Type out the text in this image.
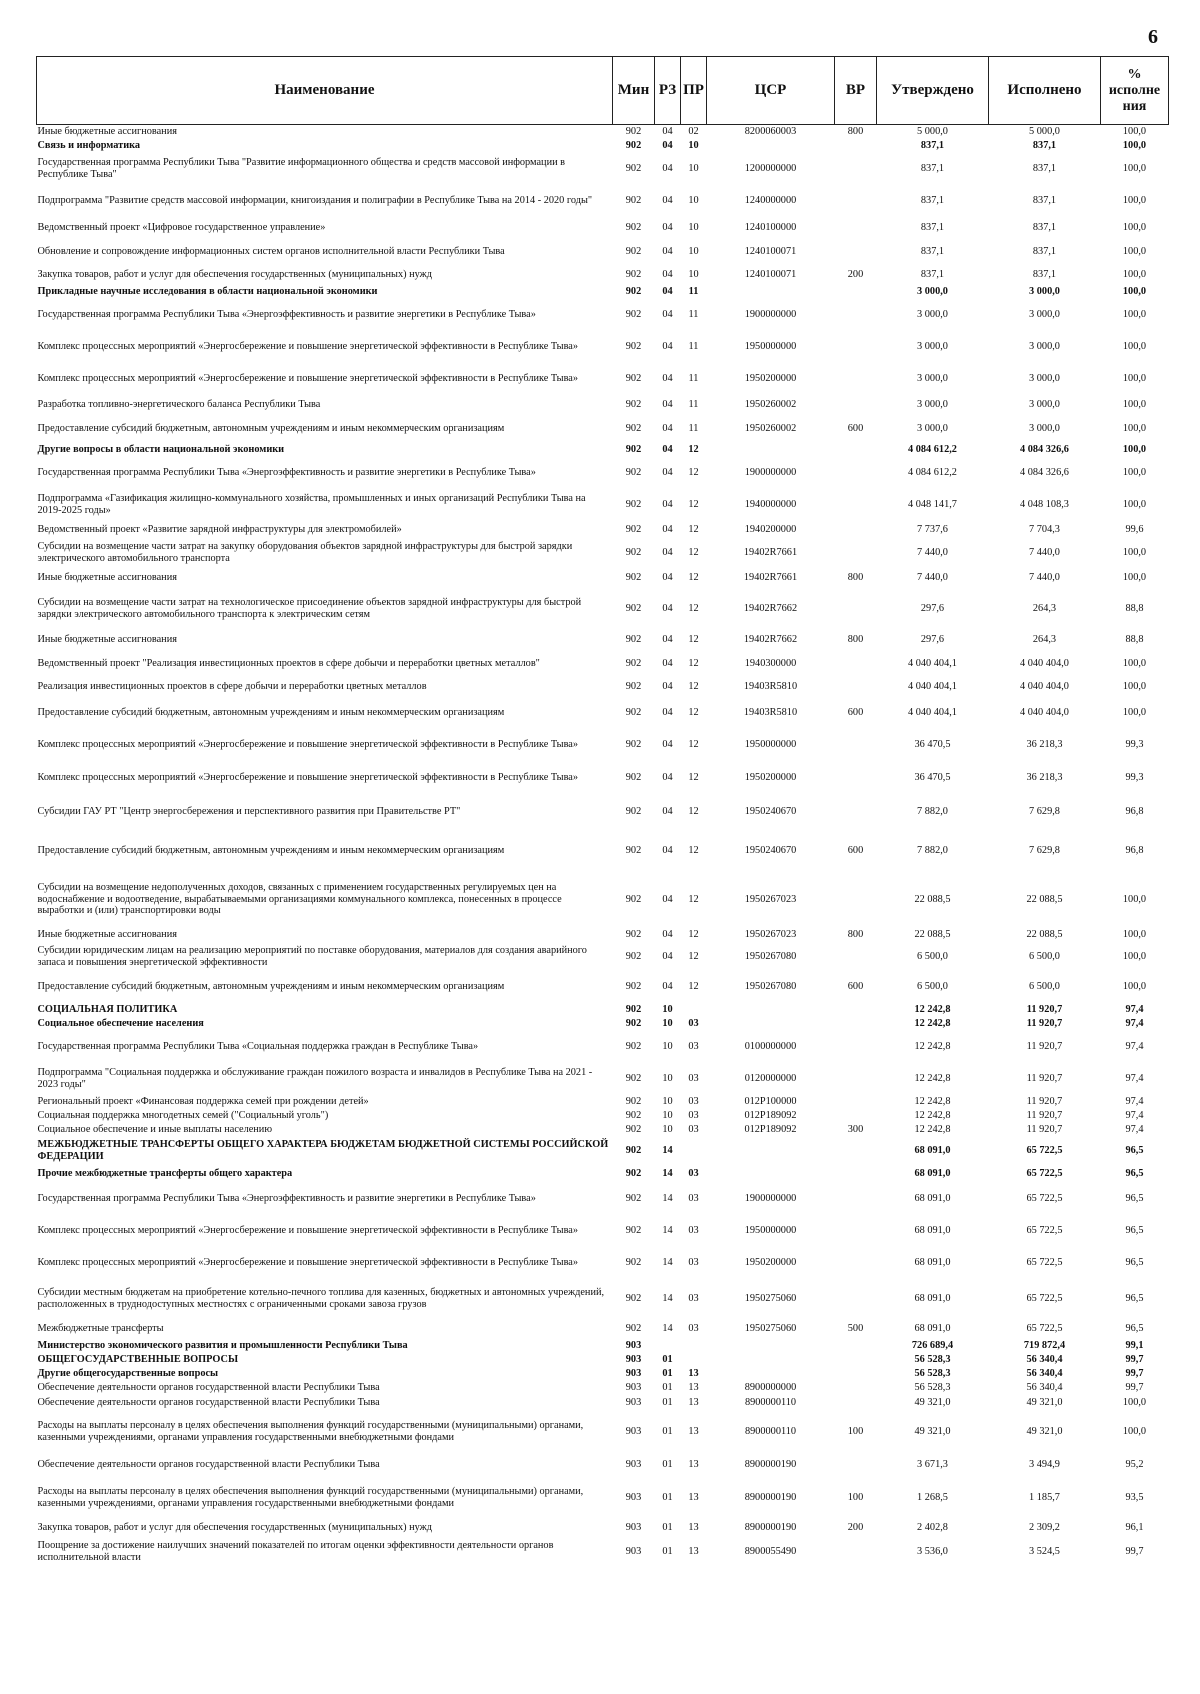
6
Наименование	Мин	РЗ	ПР	ЦСР	ВР	Утверждено	Исполнено	% исполне ния
Иные бюджетные ассигнования	902	04	02	8200060003	800	5 000,0	5 000,0	100,0
Связь и информатика	902	04	10			837,1	837,1	100,0
Государственная программа Республики Тыва "Развитие информационного общества и средств массовой информации в Республике Тыва"	902	04	10	1200000000		837,1	837,1	100,0
Подпрограмма "Развитие средств массовой информации, книгоиздания и полиграфии в Республике Тыва на 2014 - 2020 годы"	902	04	10	1240000000		837,1	837,1	100,0
Ведомственный проект «Цифровое государственное управление»	902	04	10	1240100000		837,1	837,1	100,0
Обновление и сопровождение информационных систем органов исполнительной власти Республики Тыва	902	04	10	1240100071		837,1	837,1	100,0
Закупка товаров, работ и услуг для обеспечения государственных (муниципальных) нужд	902	04	10	1240100071	200	837,1	837,1	100,0
Прикладные научные исследования в области национальной экономики	902	04	11			3 000,0	3 000,0	100,0
Государственная программа Республики Тыва «Энергоэффективность и развитие энергетики в Республике Тыва»	902	04	11	1900000000		3 000,0	3 000,0	100,0
Комплекс процессных мероприятий «Энергосбережение и повышение энергетической эффективности в Республике Тыва»	902	04	11	1950000000		3 000,0	3 000,0	100,0
Комплекс процессных мероприятий «Энергосбережение и повышение энергетической эффективности в Республике Тыва»	902	04	11	1950200000		3 000,0	3 000,0	100,0
Разработка топливно-энергетического баланса Республики Тыва	902	04	11	1950260002		3 000,0	3 000,0	100,0
Предоставление субсидий бюджетным, автономным учреждениям и иным некоммерческим организациям	902	04	11	1950260002	600	3 000,0	3 000,0	100,0
Другие вопросы в области национальной экономики	902	04	12			4 084 612,2	4 084 326,6	100,0
Государственная программа Республики Тыва «Энергоэффективность и развитие энергетики в Республике Тыва»	902	04	12	1900000000		4 084 612,2	4 084 326,6	100,0
Подпрограмма «Газификация жилищно-коммунального хозяйства, промышленных и иных организаций Республики Тыва на 2019-2025 годы»	902	04	12	1940000000		4 048 141,7	4 048 108,3	100,0
Ведомственный проект «Развитие зарядной инфраструктуры для электромобилей»	902	04	12	1940200000		7 737,6	7 704,3	99,6
Субсидии на возмещение части затрат на закупку оборудования объектов зарядной инфраструктуры для быстрой зарядки электрического автомобильного транспорта	902	04	12	19402R7661		7 440,0	7 440,0	100,0
Иные бюджетные ассигнования	902	04	12	19402R7661	800	7 440,0	7 440,0	100,0
Субсидии на возмещение части затрат на технологическое присоединение объектов зарядной инфраструктуры для быстрой зарядки электрического автомобильного транспорта к электрическим сетям	902	04	12	19402R7662		297,6	264,3	88,8
Иные бюджетные ассигнования	902	04	12	19402R7662	800	297,6	264,3	88,8
Ведомственный проект "Реализация инвестиционных проектов в сфере добычи и переработки цветных металлов"	902	04	12	1940300000		4 040 404,1	4 040 404,0	100,0
Реализация инвестиционных проектов в сфере добычи и переработки цветных металлов	902	04	12	19403R5810		4 040 404,1	4 040 404,0	100,0
Предоставление субсидий бюджетным, автономным учреждениям и иным некоммерческим организациям	902	04	12	19403R5810	600	4 040 404,1	4 040 404,0	100,0
Комплекс процессных мероприятий «Энергосбережение и повышение энергетической эффективности в Республике Тыва»	902	04	12	1950000000		36 470,5	36 218,3	99,3
Комплекс процессных мероприятий «Энергосбережение и повышение энергетической эффективности в Республике Тыва»	902	04	12	1950200000		36 470,5	36 218,3	99,3
Субсидии ГАУ РТ "Центр энергосбережения и перспективного развития при Правительстве РТ"	902	04	12	1950240670		7 882,0	7 629,8	96,8
Предоставление субсидий бюджетным, автономным учреждениям и иным некоммерческим организациям	902	04	12	1950240670	600	7 882,0	7 629,8	96,8
Субсидии на возмещение недополученных доходов, связанных с применением государственных регулируемых цен на водоснабжение и водоотведение, вырабатываемыми организациями коммунального комплекса, понесенных в процессе выработки и (или) транспортировки воды	902	04	12	1950267023		22 088,5	22 088,5	100,0
Иные бюджетные ассигнования	902	04	12	1950267023	800	22 088,5	22 088,5	100,0
Субсидии юридическим лицам на реализацию мероприятий по поставке оборудования, материалов для создания аварийного запаса и повышения энергетической эффективности	902	04	12	1950267080		6 500,0	6 500,0	100,0
Предоставление субсидий бюджетным, автономным учреждениям и иным некоммерческим организациям	902	04	12	1950267080	600	6 500,0	6 500,0	100,0
СОЦИАЛЬНАЯ ПОЛИТИКА	902	10				12 242,8	11 920,7	97,4
Социальное обеспечение населения	902	10	03			12 242,8	11 920,7	97,4
Государственная программа Республики Тыва «Социальная поддержка граждан в Республике Тыва»	902	10	03	0100000000		12 242,8	11 920,7	97,4
Подпрограмма "Социальная поддержка и обслуживание граждан пожилого возраста и инвалидов в Республике Тыва на 2021 - 2023 годы"	902	10	03	0120000000		12 242,8	11 920,7	97,4
Региональный проект «Финансовая поддержка семей при рождении детей»	902	10	03	012P100000		12 242,8	11 920,7	97,4
Социальная поддержка многодетных семей ("Социальный уголь")	902	10	03	012P189092		12 242,8	11 920,7	97,4
Социальное обеспечение и иные выплаты населению	902	10	03	012P189092	300	12 242,8	11 920,7	97,4
МЕЖБЮДЖЕТНЫЕ ТРАНСФЕРТЫ ОБЩЕГО ХАРАКТЕРА БЮДЖЕТАМ БЮДЖЕТНОЙ СИСТЕМЫ РОССИЙСКОЙ ФЕДЕРАЦИИ	902	14				68 091,0	65 722,5	96,5
Прочие межбюджетные трансферты общего характера	902	14	03			68 091,0	65 722,5	96,5
Государственная программа Республики Тыва «Энергоэффективность и развитие энергетики в Республике Тыва»	902	14	03	1900000000		68 091,0	65 722,5	96,5
Комплекс процессных мероприятий «Энергосбережение и повышение энергетической эффективности в Республике Тыва»	902	14	03	1950000000		68 091,0	65 722,5	96,5
Комплекс процессных мероприятий «Энергосбережение и повышение энергетической эффективности в Республике Тыва»	902	14	03	1950200000		68 091,0	65 722,5	96,5
Субсидии местным бюджетам на приобретение котельно-печного топлива для казенных, бюджетных и автономных учреждений, расположенных в труднодоступных местностях с ограниченными сроками завоза грузов	902	14	03	1950275060		68 091,0	65 722,5	96,5
Межбюджетные трансферты	902	14	03	1950275060	500	68 091,0	65 722,5	96,5
Министерство экономического развития и промышленности Республики Тыва	903					726 689,4	719 872,4	99,1
ОБЩЕГОСУДАРСТВЕННЫЕ ВОПРОСЫ	903	01				56 528,3	56 340,4	99,7
Другие общегосударственные вопросы	903	01	13			56 528,3	56 340,4	99,7
Обеспечение деятельности органов государственной власти Республики Тыва	903	01	13	8900000000		56 528,3	56 340,4	99,7
Обеспечение деятельности органов государственной власти Республики Тыва	903	01	13	8900000110		49 321,0	49 321,0	100,0
Расходы на выплаты персоналу в целях обеспечения выполнения функций государственными (муниципальными) органами, казенными учреждениями, органами управления государственными внебюджетными фондами	903	01	13	8900000110	100	49 321,0	49 321,0	100,0
Обеспечение деятельности органов государственной власти Республики Тыва	903	01	13	8900000190		3 671,3	3 494,9	95,2
Расходы на выплаты персоналу в целях обеспечения выполнения функций государственными (муниципальными) органами, казенными учреждениями, органами управления государственными внебюджетными фондами	903	01	13	8900000190	100	1 268,5	1 185,7	93,5
Закупка товаров, работ и услуг для обеспечения государственных (муниципальных) нужд	903	01	13	8900000190	200	2 402,8	2 309,2	96,1
Поощрение за достижение наилучших значений показателей по итогам оценки эффективности деятельности органов исполнительной власти	903	01	13	8900055490		3 536,0	3 524,5	99,7
